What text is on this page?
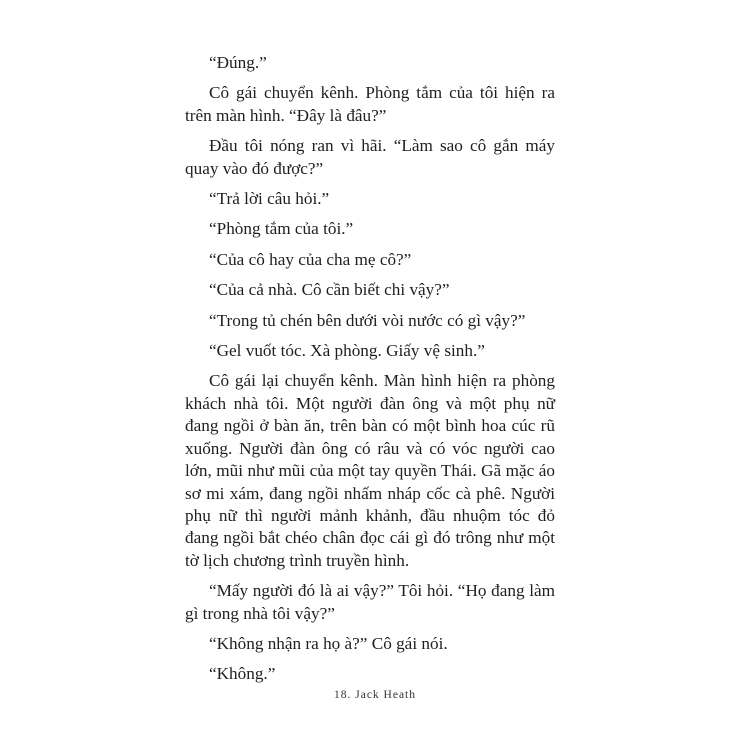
“Đúng.”

Cô gái chuyển kênh. Phòng tắm của tôi hiện ra trên màn hình. “Đây là đâu?”

Đầu tôi nóng ran vì hãi. “Làm sao cô gắn máy quay vào đó được?”

“Trả lời câu hỏi.”

“Phòng tắm của tôi.”

“Của cô hay của cha mẹ cô?”

“Của cả nhà. Cô cần biết chi vậy?”

“Trong tủ chén bên dưới vòi nước có gì vậy?”

“Gel vuốt tóc. Xà phòng. Giấy vệ sinh.”

Cô gái lại chuyển kênh. Màn hình hiện ra phòng khách nhà tôi. Một người đàn ông và một phụ nữ đang ngồi ở bàn ăn, trên bàn có một bình hoa cúc rũ xuống. Người đàn ông có râu và có vóc người cao lớn, mũi như mũi của một tay quyền Thái. Gã mặc áo sơ mi xám, đang ngồi nhấm nháp cốc cà phê. Người phụ nữ thì người mảnh khảnh, đầu nhuộm tóc đỏ đang ngồi bắt chéo chân đọc cái gì đó trông như một tờ lịch chương trình truyền hình.

“Mấy người đó là ai vậy?” Tôi hỏi. “Họ đang làm gì trong nhà tôi vậy?”

“Không nhận ra họ à?” Cô gái nói.

“Không.”

18. Jack Heath
